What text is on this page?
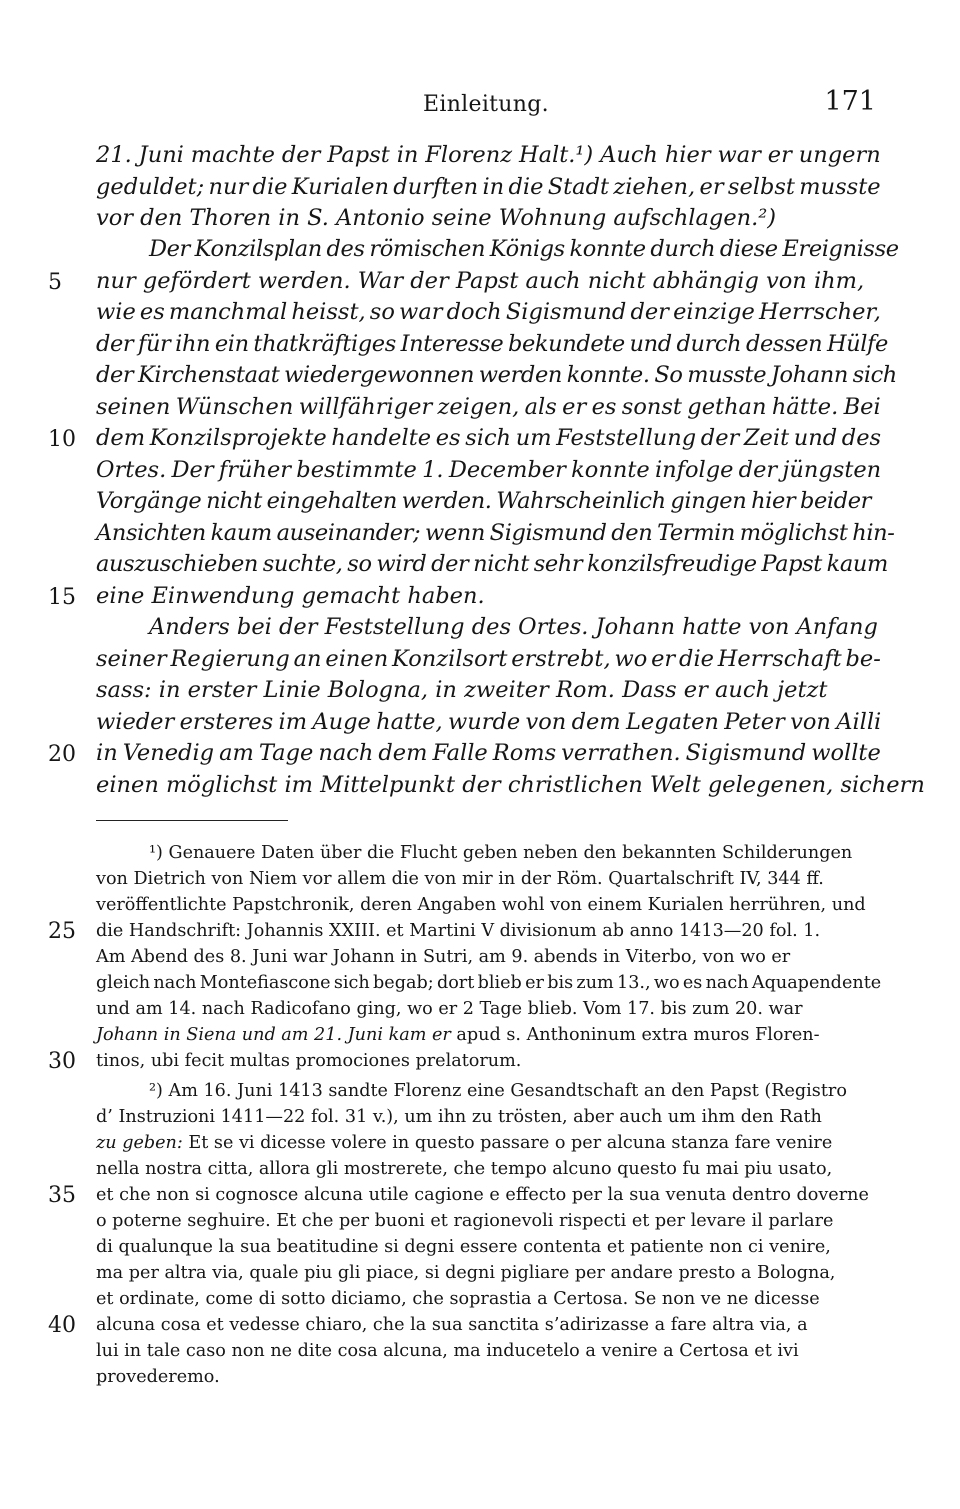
Einleitung.	171
21. Juni machte der Papst in Florenz Halt.¹) Auch hier war er ungern
geduldet; nur die Kurialen durften in die Stadt ziehen, er selbst musste
vor den Thoren in S. Antonio seine Wohnung aufschlagen.²)
Der Konzilsplan des römischen Königs konnte durch diese Ereignisse
nur gefördert werden. War der Papst auch nicht abhängig von ihm,
wie es manchmal heisst, so war doch Sigismund der einzige Herrscher,
der für ihn ein thatkräftiges Interesse bekundete und durch dessen Hülfe
der Kirchenstaat wiedergewonnen werden konnte. So musste Johann sich
seinen Wünschen willfähriger zeigen, als er es sonst gethan hätte. Bei
dem Konzilsprojekte handelte es sich um Feststellung der Zeit und des
Ortes. Der früher bestimmte 1. December konnte infolge der jüngsten
Vorgänge nicht eingehalten werden. Wahrscheinlich gingen hier beider
Ansichten kaum auseinander; wenn Sigismund den Termin möglichst hin-
auszuschieben suchte, so wird der nicht sehr konzilsfreudige Papst kaum
eine Einwendung gemacht haben.
Anders bei der Feststellung des Ortes. Johann hatte von Anfang
seiner Regierung an einen Konzilsort erstrebt, wo er die Herrschaft be-
sass: in erster Linie Bologna, in zweiter Rom. Dass er auch jetzt
wieder ersteres im Auge hatte, wurde von dem Legaten Peter von Ailli
in Venedig am Tage nach dem Falle Roms verrathen. Sigismund wollte
einen möglichst im Mittelpunkt der christlichen Welt gelegenen, sichern
¹) Genauere Daten über die Flucht geben neben den bekannten Schilderungen
von Dietrich von Niem vor allem die von mir in der Röm. Quartalschrift IV, 344 ff.
veröffentlichte Papstchronik, deren Angaben wohl von einem Kurialen herrühren, und
die Handschrift: Johannis XXIII. et Martini V divisionum ab anno 1413—20 fol. 1.
Am Abend des 8. Juni war Johann in Sutri, am 9. abends in Viterbo, von wo er
gleich nach Montefiascone sich begab; dort blieb er bis zum 13., wo es nach Aquapendente
und am 14. nach Radicofano ging, wo er 2 Tage blieb. Vom 17. bis zum 20. war
Johann in Siena und am 21. Juni kam er apud s. Anthoninum extra muros Floren-
tinos, ubi fecit multas promociones prelatorum.
²) Am 16. Juni 1413 sandte Florenz eine Gesandtschaft an den Papst (Registro
d’ Instruzioni 1411—22 fol. 31 v.), um ihn zu trösten, aber auch um ihm den Rath
zu geben: Et se vi dicesse volere in questo passare o per alcuna stanza fare venire
nella nostra citta, allora gli mostrerete, che tempo alcuno questo fu mai piu usato,
et che non si cognosce alcuna utile cagione e effecto per la sua venuta dentro doverne
o poterne seghuire. Et che per buoni et ragionevoli rispecti et per levare il parlare
di qualunque la sua beatitudine si degni essere contenta et patiente non ci venire,
ma per altra via, quale piu gli piace, si degni pigliare per andare presto a Bologna,
et ordinate, come di sotto diciamo, che soprastia a Certosa. Se non ve ne dicesse
alcuna cosa et vedesse chiaro, che la sua sanctita s’adirizasse a fare altra via, a
lui in tale caso non ne dite cosa alcuna, ma inducetelo a venire a Certosa et ivi
provederemo.
5
10
15
20
25
30
35
40
